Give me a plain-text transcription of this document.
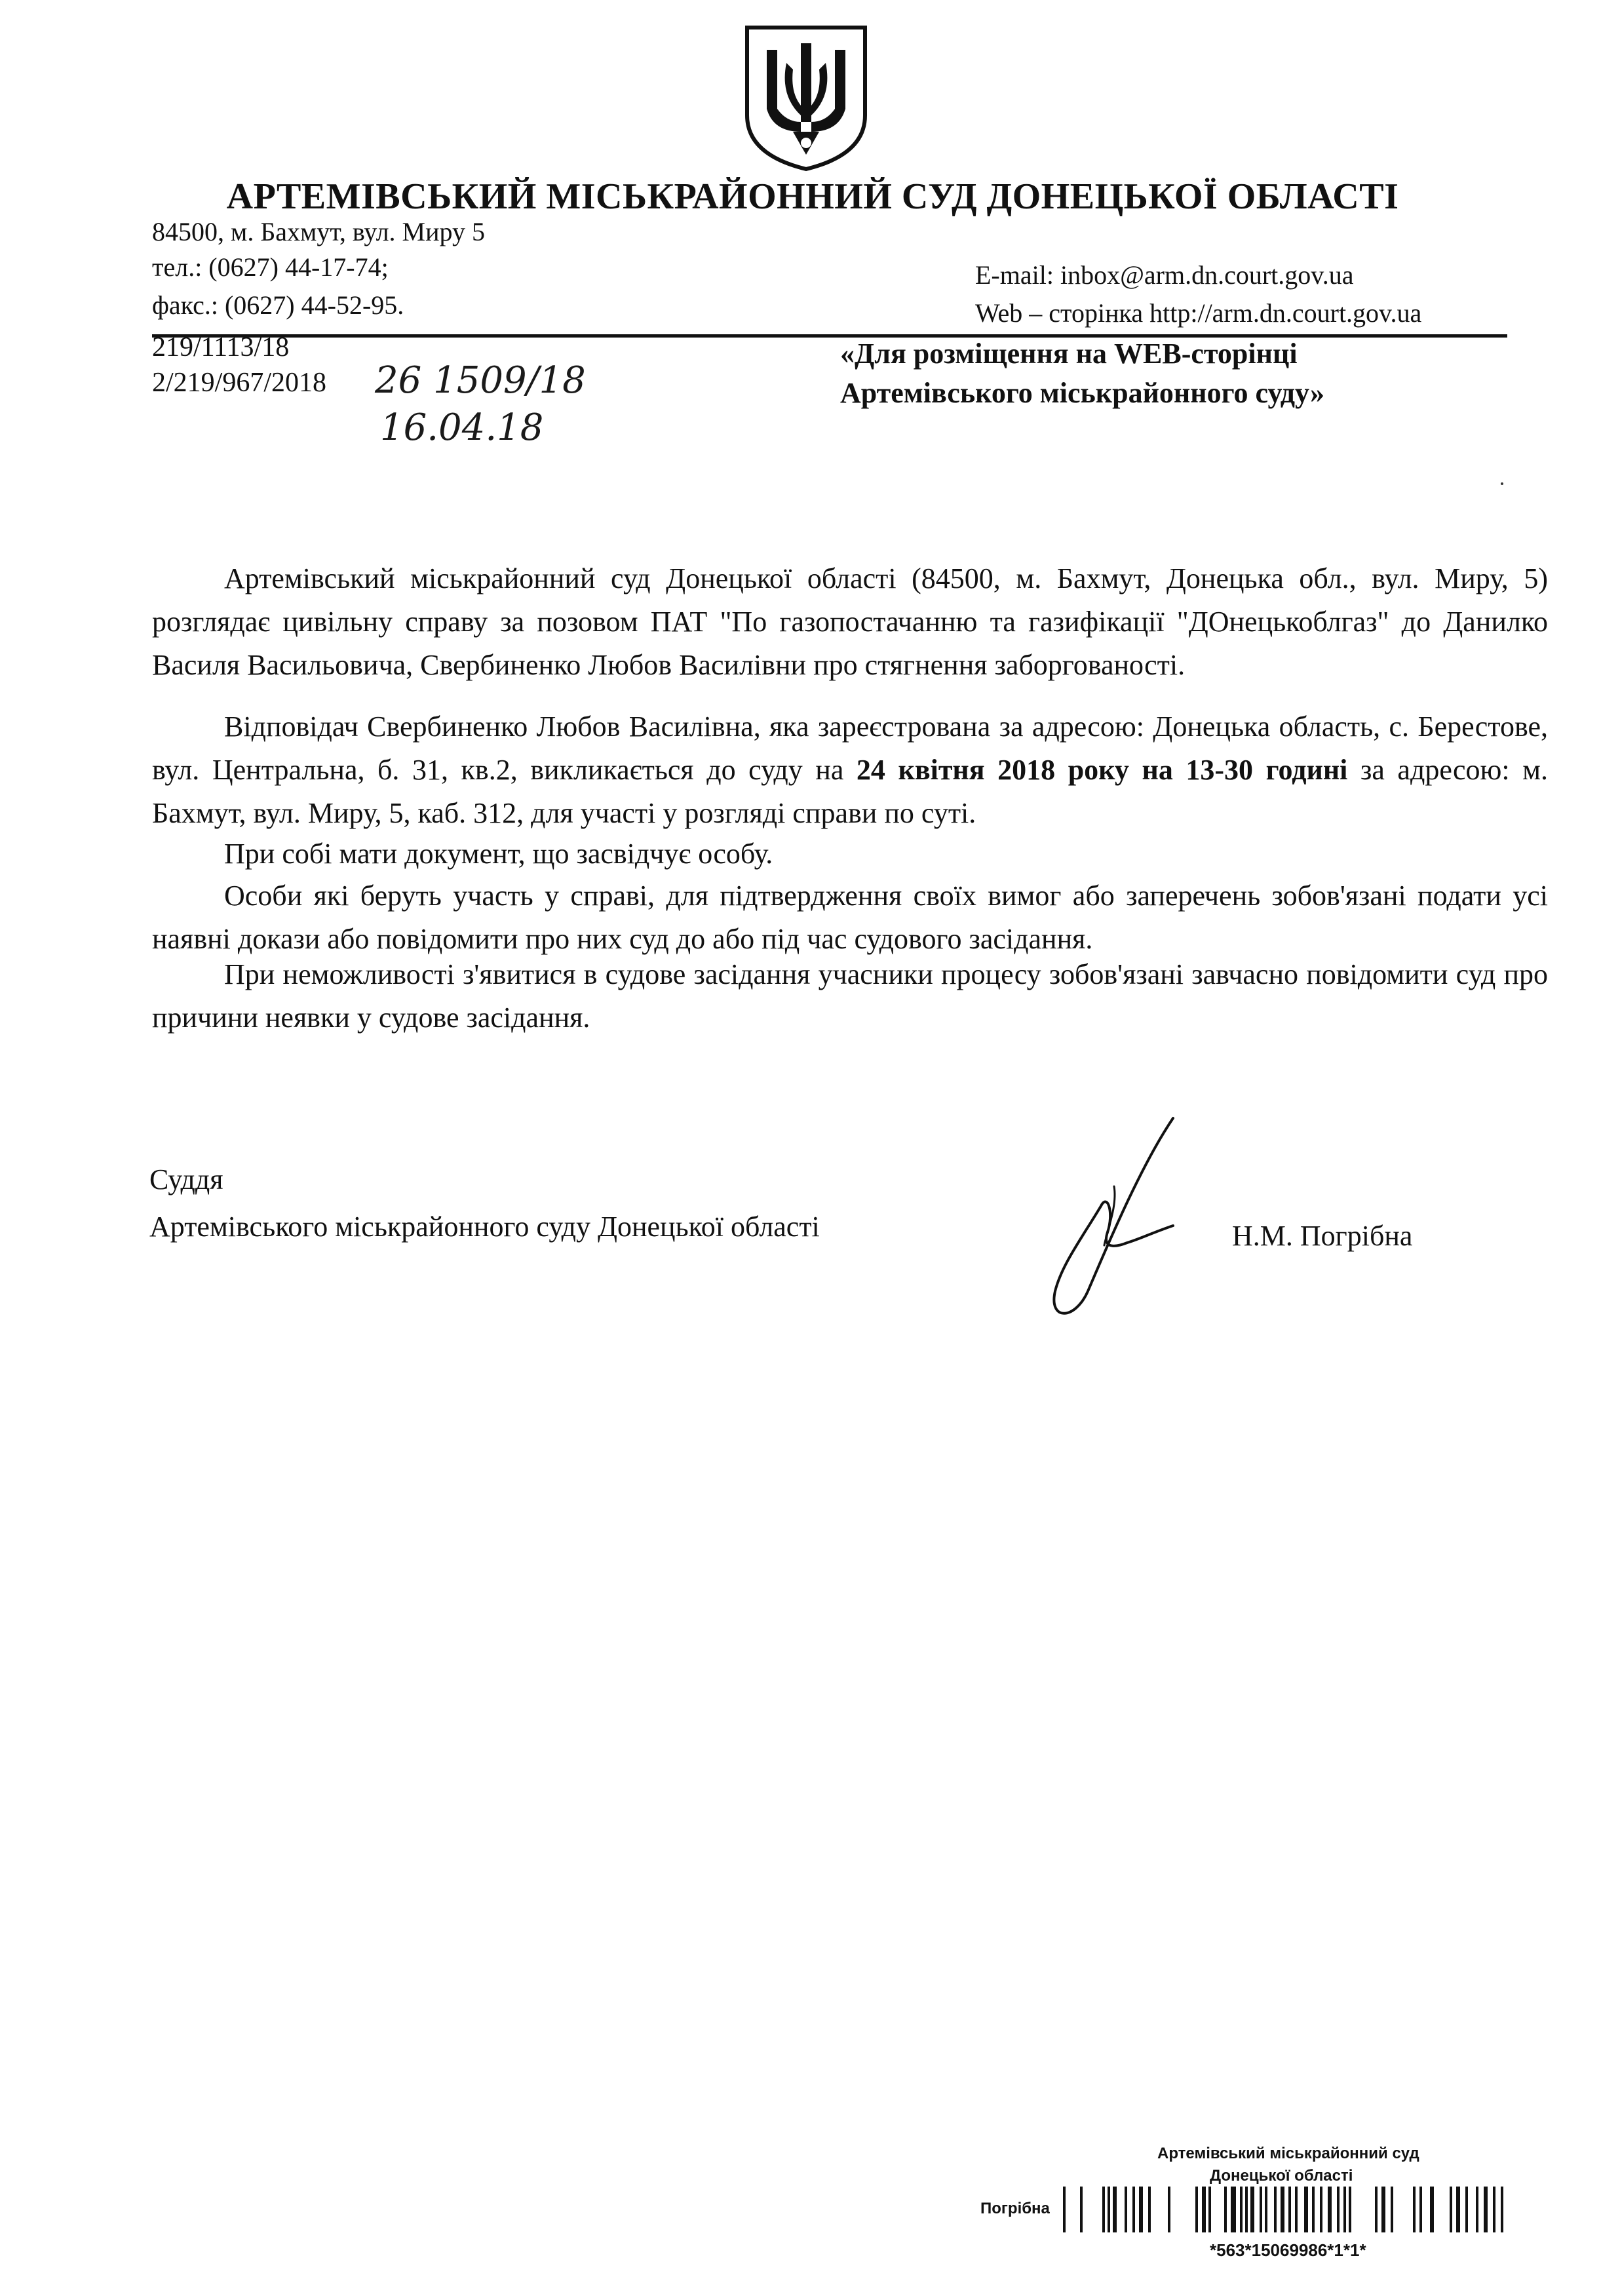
АРТЕМІВСЬКИЙ МІСЬКРАЙОННИЙ СУД ДОНЕЦЬКОЇ ОБЛАСТІ
84500, м. Бахмут, вул. Миру 5
тел.: (0627) 44-17-74;
факс.: (0627) 44-52-95.
E-mail: inbox@arm.dn.court.gov.ua
Web – сторінка http://arm.dn.court.gov.ua
219/1113/18
2/219/967/2018 26 1509/18
16.04.18
«Для розміщення на WEB-сторінці
Артемівського міськрайонного суду»
Артемівський міськрайонний суд Донецької області (84500, м. Бахмут, Донецька обл., вул. Миру, 5) розглядає цивільну справу за позовом ПАТ "По газопостачанню та газифікації "ДОнецькоблгаз" до Данилко Василя Васильовича, Свербиненко Любов Василівни про стягнення заборгованості.
Відповідач Свербиненко Любов Василівна, яка зареєстрована за адресою: Донецька область, с. Берестове, вул. Центральна, б. 31, кв.2, викликається до суду на 24 квітня 2018 року на 13-30 годині за адресою: м. Бахмут, вул. Миру, 5, каб. 312, для участі у розгляді справи по суті.
При собі мати документ, що засвідчує особу.
Особи які беруть участь у справі, для підтвердження своїх вимог або заперечень зобов'язані подати усі наявні докази або повідомити про них суд до або під час судового засідання.
При неможливості з'явитися в судове засідання учасники процесу зобов'язані завчасно повідомити суд про причини неявки у судове засідання.
Суддя
Артемівського міськрайонного суду Донецької області	Н.М. Погрібна
Артемівський міськрайонний суд
Донецької області
Погрібна
*563*15069986*1*1*
